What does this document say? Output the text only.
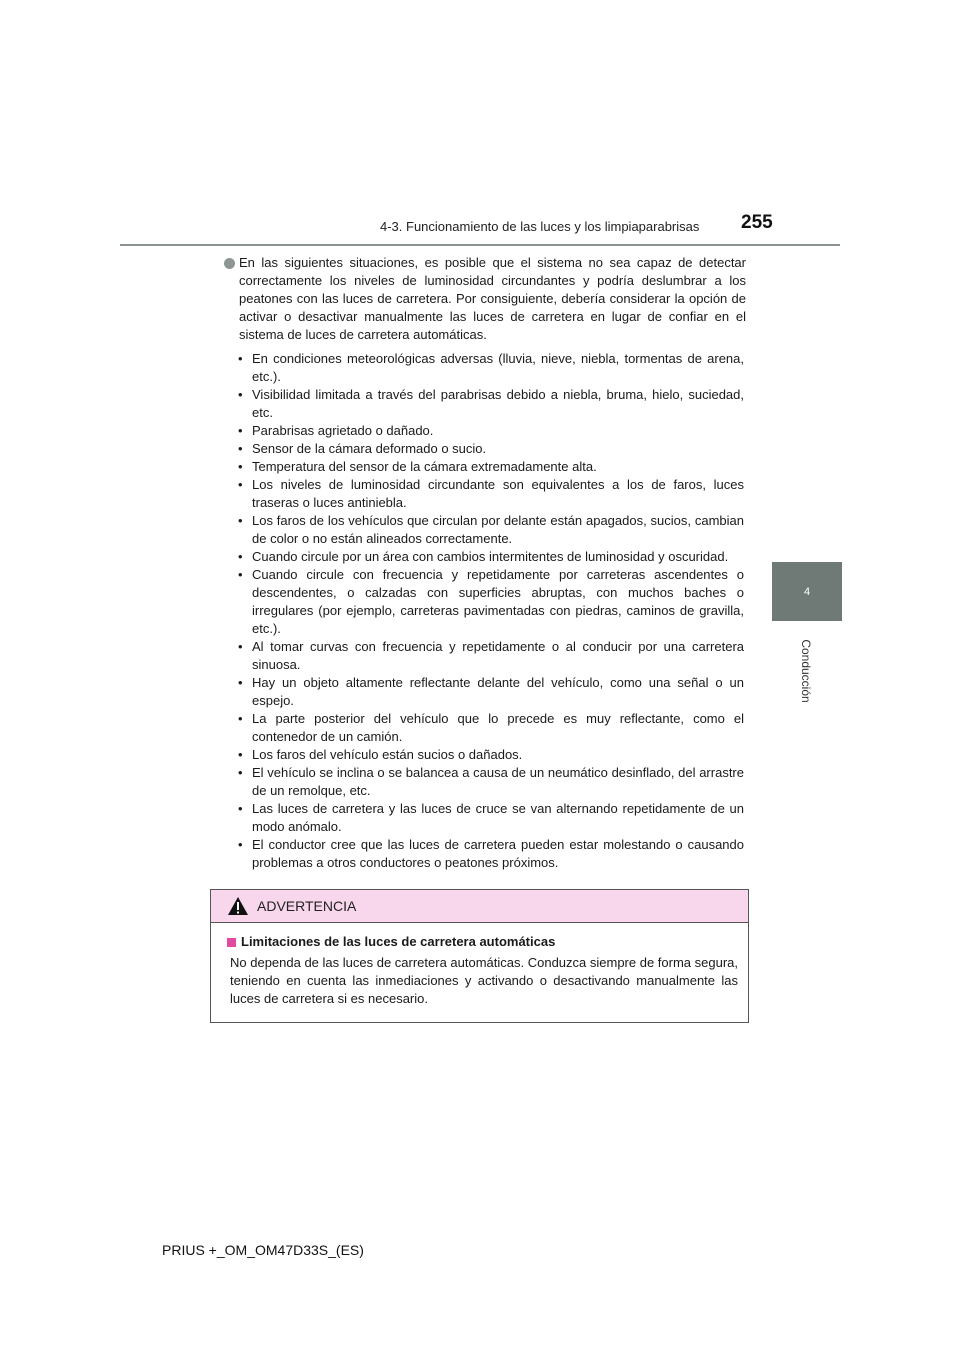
4-3. Funcionamiento de las luces y los limpiaparabrisas 255
4
Conducción

En las siguientes situaciones, es posible que el sistema no sea capaz de detectar correctamente los niveles de luminosidad circundantes y podría deslumbrar a los peatones con las luces de carretera. Por consiguiente, debería considerar la opción de activar o desactivar manualmente las luces de carretera en lugar de confiar en el sistema de luces de carretera automáticas.

• En condiciones meteorológicas adversas (lluvia, nieve, niebla, tormentas de arena, etc.).
• Visibilidad limitada a través del parabrisas debido a niebla, bruma, hielo, suciedad, etc.
• Parabrisas agrietado o dañado.
• Sensor de la cámara deformado o sucio.
• Temperatura del sensor de la cámara extremadamente alta.
• Los niveles de luminosidad circundante son equivalentes a los de faros, luces traseras o luces antiniebla.
• Los faros de los vehículos que circulan por delante están apagados, sucios, cambian de color o no están alineados correctamente.
• Cuando circule por un área con cambios intermitentes de luminosidad y oscuridad.
• Cuando circule con frecuencia y repetidamente por carreteras ascendentes o descendentes, o calzadas con superficies abruptas, con muchos baches o irregulares (por ejemplo, carreteras pavimentadas con piedras, caminos de gravilla, etc.).
• Al tomar curvas con frecuencia y repetidamente o al conducir por una carretera sinuosa.
• Hay un objeto altamente reflectante delante del vehículo, como una señal o un espejo.
• La parte posterior del vehículo que lo precede es muy reflectante, como el contenedor de un camión.
• Los faros del vehículo están sucios o dañados.
• El vehículo se inclina o se balancea a causa de un neumático desinflado, del arrastre de un remolque, etc.
• Las luces de carretera y las luces de cruce se van alternando repetidamente de un modo anómalo.
• El conductor cree que las luces de carretera pueden estar molestando o causando problemas a otros conductores o peatones próximos.
ADVERTENCIA
Limitaciones de las luces de carretera automáticas
No dependa de las luces de carretera automáticas. Conduzca siempre de forma segura, teniendo en cuenta las inmediaciones y activando o desactivando manualmente las luces de carretera si es necesario.
PRIUS +_OM_OM47D33S_(ES)
